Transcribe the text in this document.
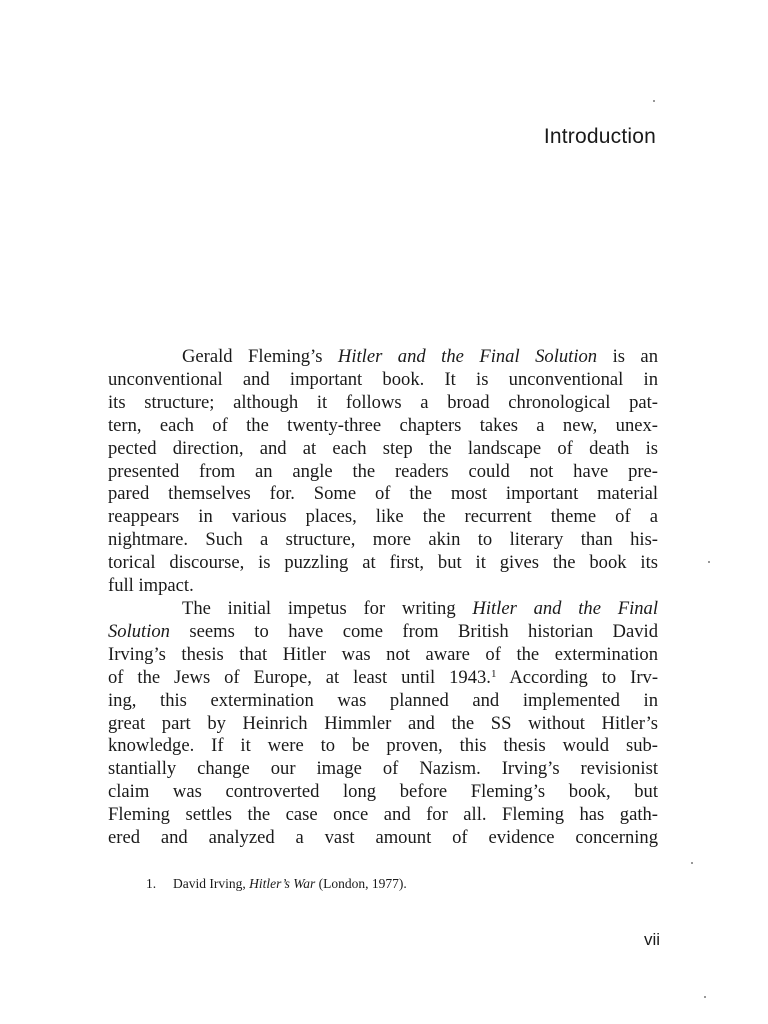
Introduction

Gerald Fleming’s Hitler and the Final Solution is an
unconventional and important book. It is unconventional in
its structure; although it follows a broad chronological pat-
tern, each of the twenty-three chapters takes a new, unex-
pected direction, and at each step the landscape of death is
presented from an angle the readers could not have pre-
pared themselves for. Some of the most important material
reappears in various places, like the recurrent theme of a
nightmare. Such a structure, more akin to literary than his-
torical discourse, is puzzling at first, but it gives the book its
full impact.

The initial impetus for writing Hitler and the Final
Solution seems to have come from British historian David
Irving’s thesis that Hitler was not aware of the extermination
of the Jews of Europe, at least until 1943.$^1$ According to Irv-
ing, this extermination was planned and implemented in
great part by Heinrich Himmler and the SS without Hitler’s
knowledge. If it were to be proven, this thesis would sub-
stantially change our image of Nazism. Irving’s revisionist
claim was controverted long before Fleming’s book, but
Fleming settles the case once and for all. Fleming has gath-
ered and analyzed a vast amount of evidence concerning

1. David Irving, Hitler’s War (London, 1977).
vii
